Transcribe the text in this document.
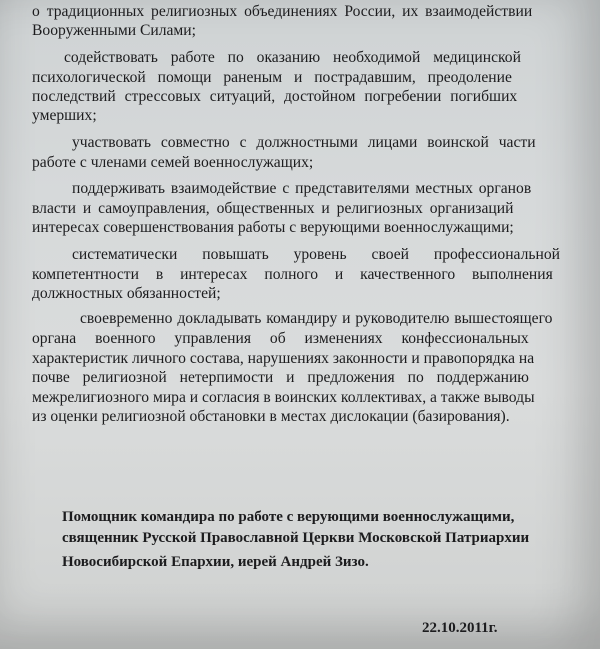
о традиционных религиозных объединениях России, их взаимодействии
Вооруженными Силами;
содействовать работе по оказанию необходимой медицинской
психологической помощи раненым и пострадавшим, преодоление
последствий стрессовых ситуаций, достойном погребении погибших
умерших;
участвовать совместно с должностными лицами воинской части
работе с членами семей военнослужащих;
поддерживать взаимодействие с представителями местных органов
власти и самоуправления, общественных и религиозных организаций
интересах совершенствования работы с верующими военнослужащими;
систематически повышать уровень своей профессиональной
компетентности в интересах полного и качественного выполнения
должностных обязанностей;
своевременно докладывать командиру и руководителю вышестоящего
органа военного управления об изменениях конфессиональных
характеристик личного состава, нарушениях законности и правопорядка на
почве религиозной нетерпимости и предложения по поддержанию
межрелигиозного мира и согласия в воинских коллективах, а также выводы
из оценки религиозной обстановки в местах дислокации (базирования).
Помощник командира по работе с верующими военнослужащими,
священник Русской Православной Церкви Московской Патриархии
Новосибирской Епархии, иерей Андрей Зизо.
22.10.2011г.
